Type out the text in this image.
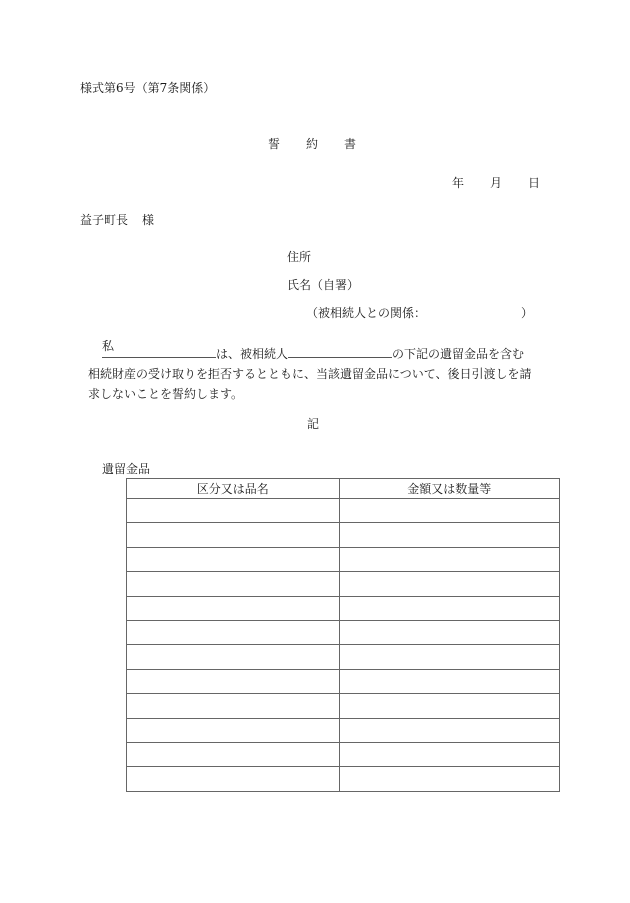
様式第6号（第7条関係）
誓 約 書
年 月 日
益子町長 様
住所
氏名（自署）
（被相続人との関係：	）
私
は、被相続人	の下記の遺留金品を含む
相続財産の受け取りを拒否するとともに、当該遺留金品について、後日引渡しを請
求しないことを誓約します。
記
遺留金品
区分又は品名	金額又は数量等
